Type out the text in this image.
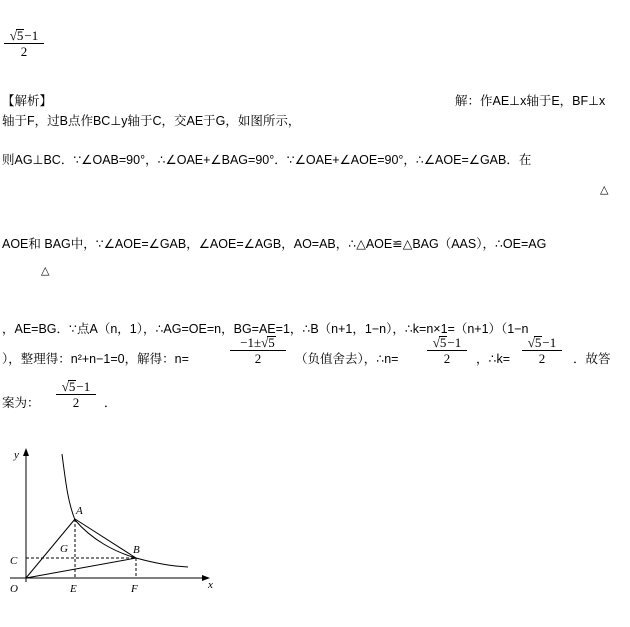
√5−1
2
【解析】	解：作AE⊥x轴于E，BF⊥x
轴于F，过B点作BC⊥y轴于C，交AE于G，如图所示，
则AG⊥BC．∵∠OAB=90°，∴∠OAE+∠BAG=90°．∵∠OAE+∠AOE=90°，∴∠AOE=∠GAB．在
△
AOE和 BAG中，∵∠AOE=∠GAB，∠AOE=∠AGB，AO=AB，∴△AOE≌△BAG（AAS），∴OE=AG
△
，AE=BG．∵点A（n，1），∴AG=OE=n，BG=AE=1，∴B（n+1，1−n），∴k=n×1=（n+1）（1−n
），整理得：n²+n−1=0，解得：n=
−1±√5
2	（负值舍去），∴n=
√5−1
2	，∴k=
√5−1
2	．故答
案为：
√5−1
2	．
y
x
O
A
B
C
G
E	F
